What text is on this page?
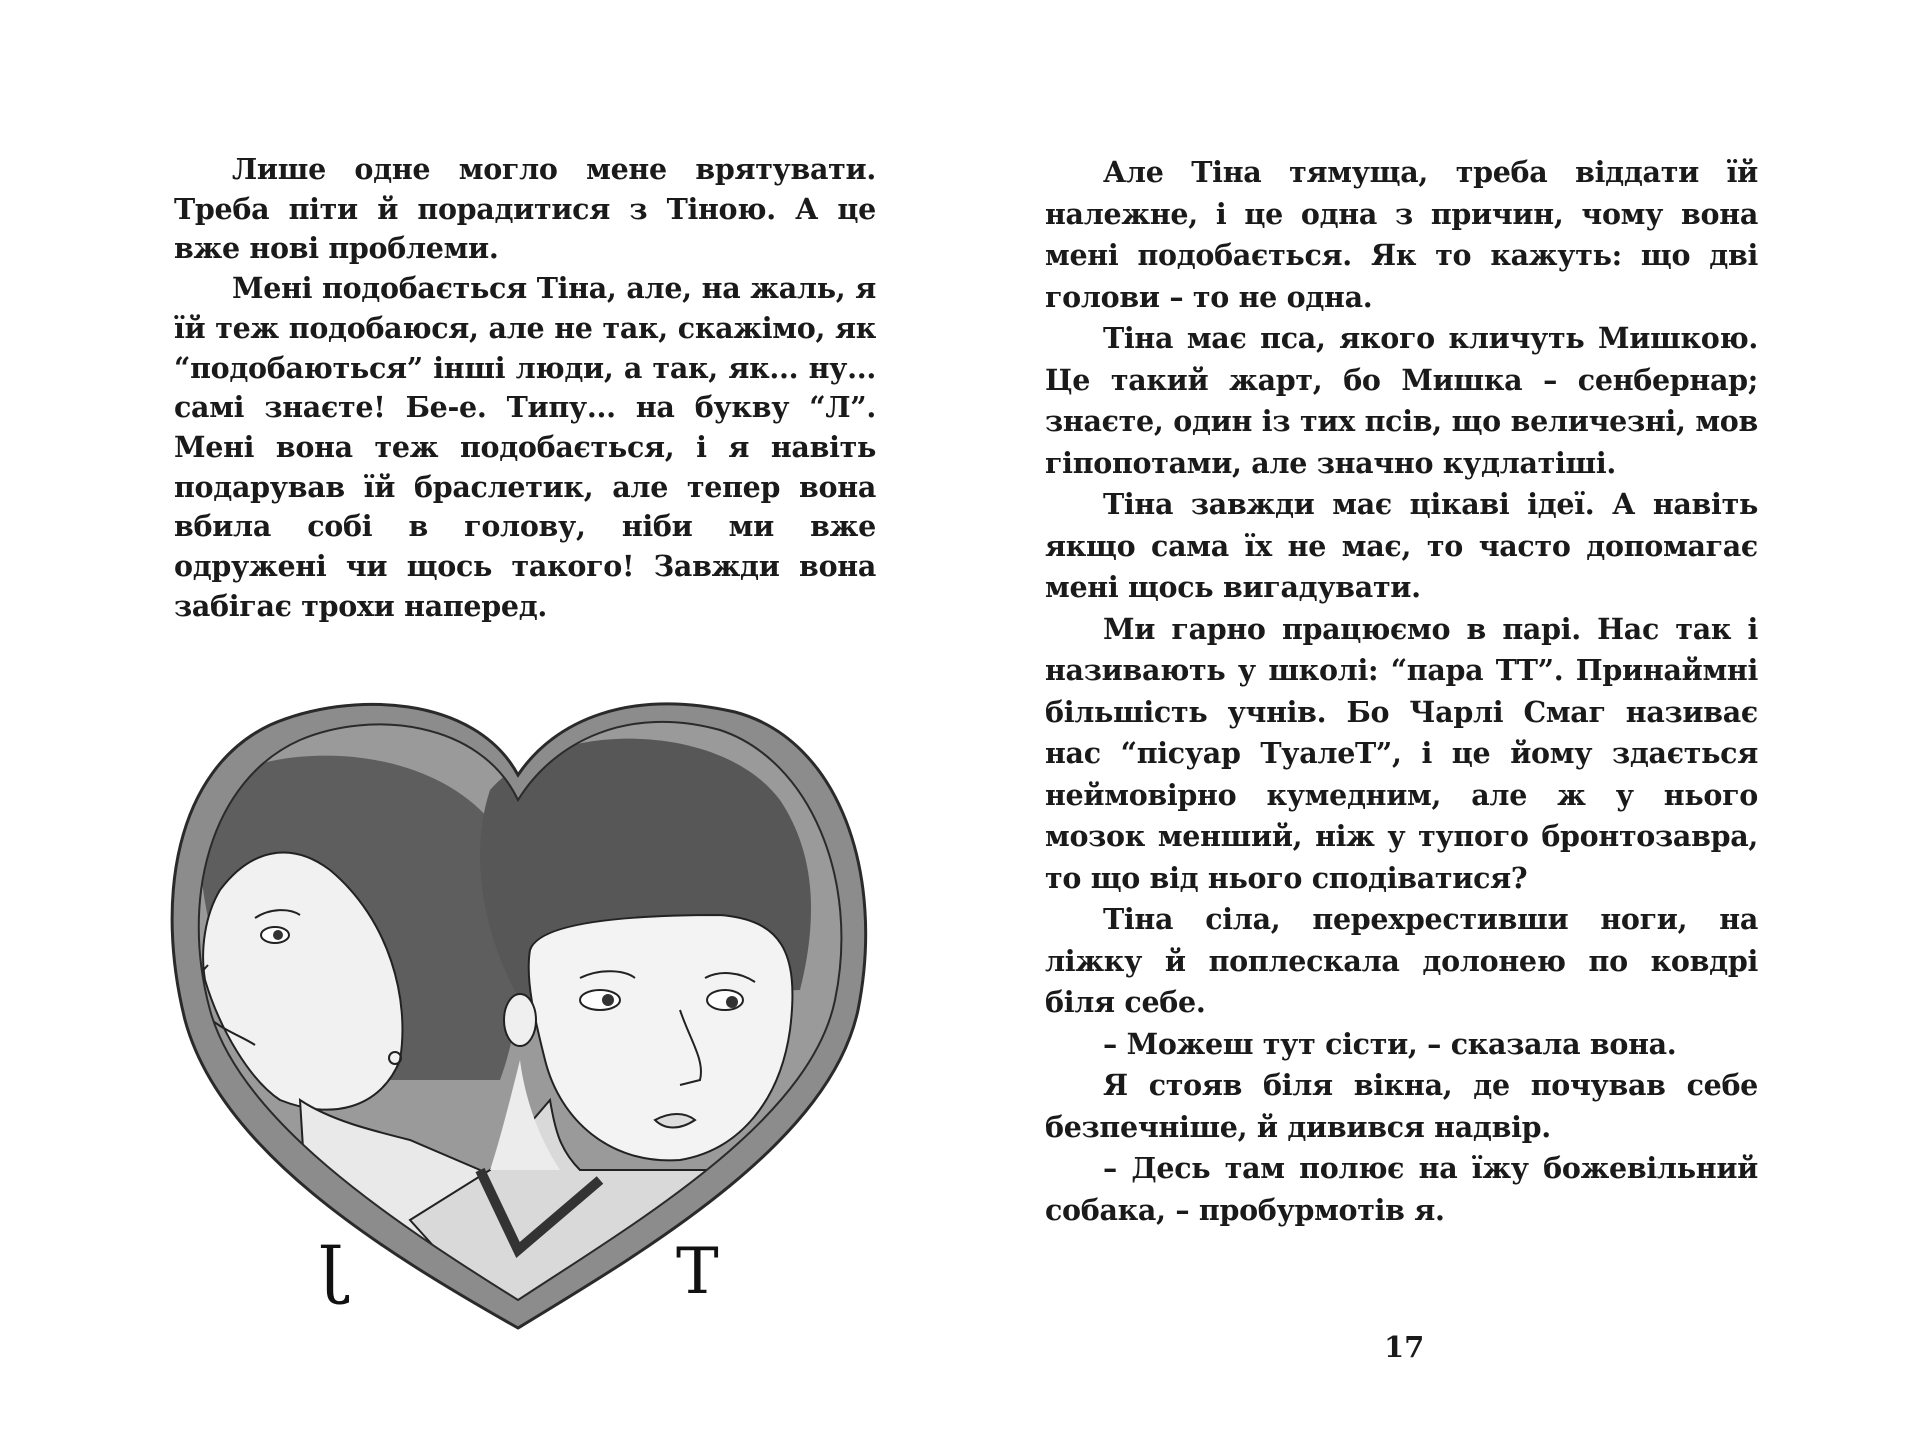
Лише одне могло мене врятувати. Треба піти й порадитися з Тіною. А це вже нові проблеми.

Мені подобається Тіна, але, на жаль, я їй теж подобаюся, але не так, скажімо, як “подобаються” інші люди, а так, як... ну... самі знаєте! Бе-е. Типу... на букву “Л”. Мені вона теж подобається, і я навіть подарував їй браслетик, але тепер вона вбила собі в голову, ніби ми вже одружені чи щось такого! Завжди вона забігає трохи наперед.

J	T

Але Тіна тямуща, треба віддати їй належне, і це одна з причин, чому вона мені подобається. Як то кажуть: що дві голови – то не одна.

Тіна має пса, якого кличуть Мишкою. Це такий жарт, бо Мишка – сенбернар; знаєте, один із тих псів, що величезні, мов гіпопотами, але значно кудлатіші.

Тіна завжди має цікаві ідеї. А навіть якщо сама їх не має, то часто допомагає мені щось вигадувати.

Ми гарно працюємо в парі. Нас так і називають у школі: “пара ТТ”. Принаймні більшість учнів. Бо Чарлі Смаг називає нас “пісуар ТуалеТ”, і це йому здається неймовірно кумедним, але ж у нього мозок менший, ніж у тупого бронтозавра, то що від нього сподіватися?

Тіна сіла, перехрестивши ноги, на ліжку й поплескала долонею по ковдрі біля себе.

– Можеш тут сісти, – сказала вона.

Я стояв біля вікна, де почував себе безпечніше, й дивився надвір.

– Десь там полює на їжу божевільний собака, – пробурмотів я.

17
